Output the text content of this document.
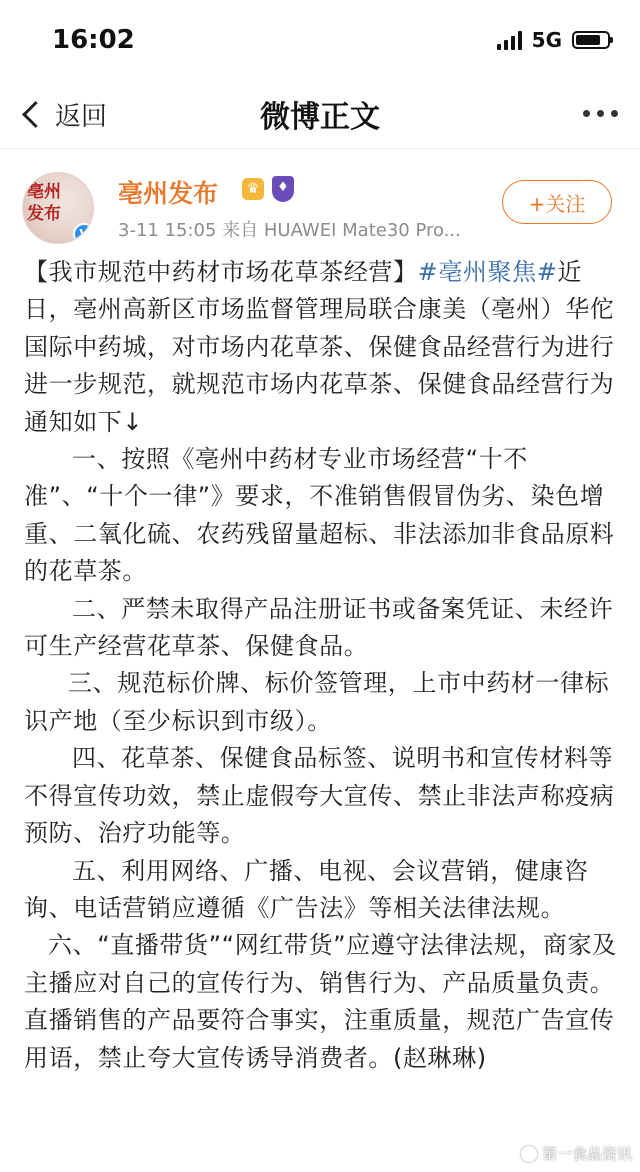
16:02	5G
返回	微博正文
亳州发布
V
亳州发布	♛	♦
3-11 15:05 来自 HUAWEI Mate30 Pro...
+关注

【我市规范中药材市场花草茶经营】#亳州聚焦#近日，亳州高新区市场监督管理局联合康美（亳州）华佗国际中药城，对市场内花草茶、保健食品经营行为进行进一步规范，就规范市场内花草茶、保健食品经营行为通知如下↓

一、按照《亳州中药材专业市场经营“十不准”、“十个一律”》要求，不准销售假冒伪劣、染色增重、二氧化硫、农药残留量超标、非法添加非食品原料的花草茶。

二、严禁未取得产品注册证书或备案凭证、未经许可生产经营花草茶、保健食品。

三、规范标价牌、标价签管理，上市中药材一律标识产地（至少标识到市级）。

四、花草茶、保健食品标签、说明书和宣传材料等不得宣传功效，禁止虚假夸大宣传、禁止非法声称疫病预防、治疗功能等。

五、利用网络、广播、电视、会议营销，健康咨询、电话营销应遵循《广告法》等相关法律法规。

六、“直播带货”“网红带货”应遵守法律法规，商家及主播应对自己的宣传行为、销售行为、产品质量负责。直播销售的产品要符合事实，注重质量，规范广告宣传用语，禁止夸大宣传诱导消费者。(赵琳琳)

第一食品资讯
